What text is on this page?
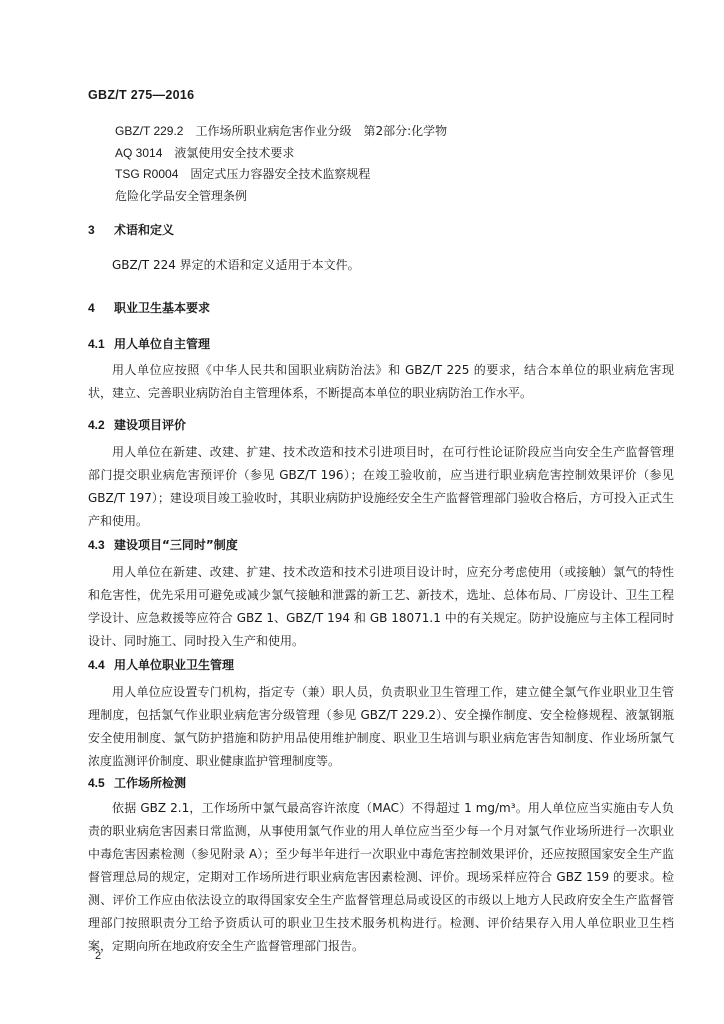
GBZ/T 275—2016
GBZ/T 229.2 工作场所职业病危害作业分级　第2部分:化学物
AQ 3014 液氯使用安全技术要求
TSG R0004 固定式压力容器安全技术监察规程
危险化学品安全管理条例
3 术语和定义
GBZ/T 224 界定的术语和定义适用于本文件。
4 职业卫生基本要求
4.1 用人单位自主管理
用人单位应按照《中华人民共和国职业病防治法》和 GBZ/T 225 的要求，结合本单位的职业病危害现状，建立、完善职业病防治自主管理体系，不断提高本单位的职业病防治工作水平。
4.2 建设项目评价
用人单位在新建、改建、扩建、技术改造和技术引进项目时，在可行性论证阶段应当向安全生产监督管理部门提交职业病危害预评价（参见 GBZ/T 196）；在竣工验收前，应当进行职业病危害控制效果评价（参见 GBZ/T 197）；建设项目竣工验收时，其职业病防护设施经安全生产监督管理部门验收合格后，方可投入正式生产和使用。
4.3 建设项目“三同时”制度
用人单位在新建、改建、扩建、技术改造和技术引进项目设计时，应充分考虑使用（或接触）氯气的特性和危害性，优先采用可避免或减少氯气接触和泄露的新工艺、新技术，选址、总体布局、厂房设计、卫生工程学设计、应急救援等应符合 GBZ 1、GBZ/T 194 和 GB 18071.1 中的有关规定。防护设施应与主体工程同时设计、同时施工、同时投入生产和使用。
4.4 用人单位职业卫生管理
用人单位应设置专门机构，指定专（兼）职人员，负责职业卫生管理工作，建立健全氯气作业职业卫生管理制度，包括氯气作业职业病危害分级管理（参见 GBZ/T 229.2）、安全操作制度、安全检修规程、液氯钢瓶安全使用制度、氯气防护措施和防护用品使用维护制度、职业卫生培训与职业病危害告知制度、作业场所氯气浓度监测评价制度、职业健康监护管理制度等。
4.5 工作场所检测
依据 GBZ 2.1，工作场所中氯气最高容许浓度（MAC）不得超过 1 mg/m³。用人单位应当实施由专人负责的职业病危害因素日常监测，从事使用氯气作业的用人单位应当至少每一个月对氯气作业场所进行一次职业中毒危害因素检测（参见附录 A）；至少每半年进行一次职业中毒危害控制效果评价，还应按照国家安全生产监督管理总局的规定，定期对工作场所进行职业病危害因素检测、评价。现场采样应符合 GBZ 159 的要求。检测、评价工作应由依法设立的取得国家安全生产监督管理总局或设区的市级以上地方人民政府安全生产监督管理部门按照职责分工给予资质认可的职业卫生技术服务机构进行。检测、评价结果存入用人单位职业卫生档案，定期向所在地政府安全生产监督管理部门报告。
2
